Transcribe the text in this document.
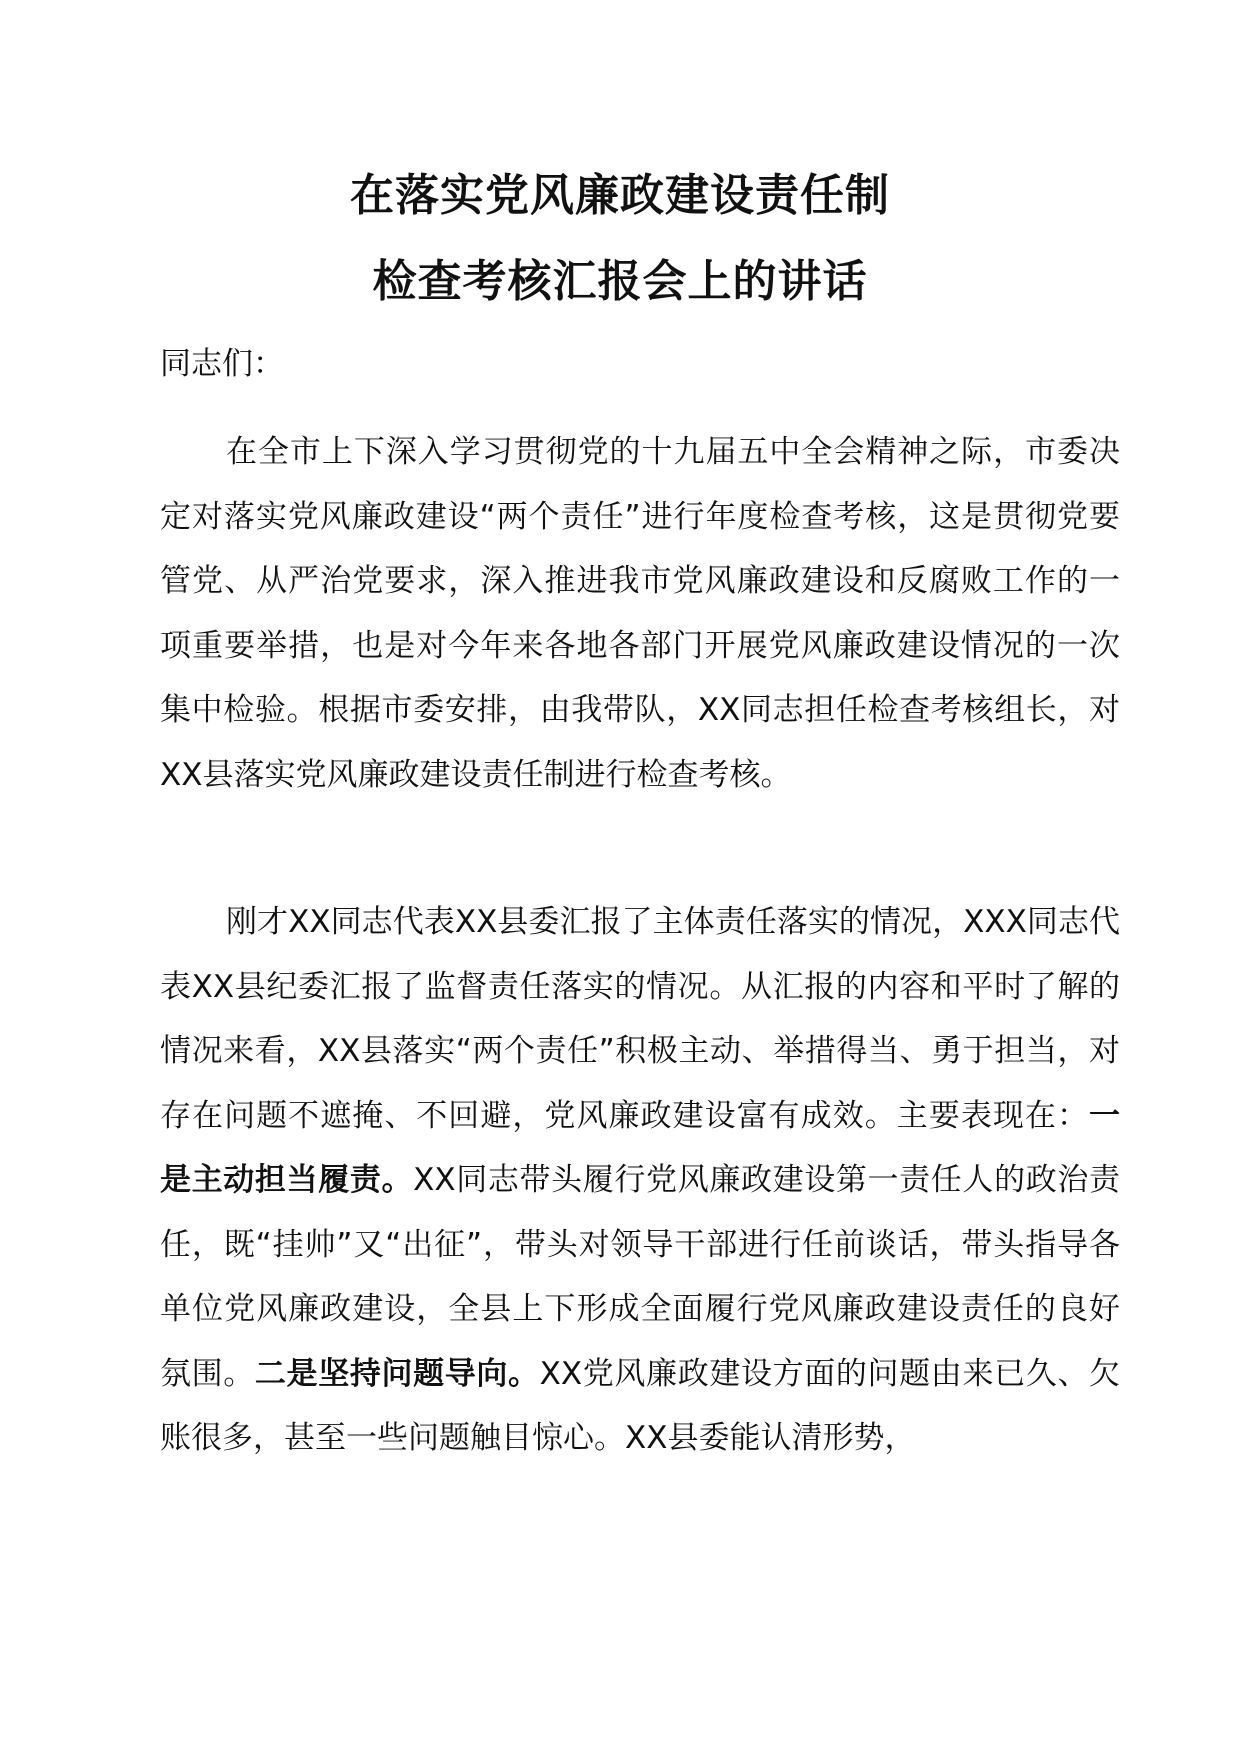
在落实党风廉政建设责任制
检查考核汇报会上的讲话

同志们：

在全市上下深入学习贯彻党的十九届五中全会精神之际，市委决定对落实党风廉政建设“两个责任”进行年度检查考核，这是贯彻党要管党、从严治党要求，深入推进我市党风廉政建设和反腐败工作的一项重要举措，也是对今年来各地各部门开展党风廉政建设情况的一次集中检验。根据市委安排，由我带队，XX同志担任检查考核组长，对XX县落实党风廉政建设责任制进行检查考核。

刚才XX同志代表XX县委汇报了主体责任落实的情况，XXX同志代表XX县纪委汇报了监督责任落实的情况。从汇报的内容和平时了解的情况来看，XX县落实“两个责任”积极主动、举措得当、勇于担当，对存在问题不遮掩、不回避，党风廉政建设富有成效。主要表现在：一是主动担当履责。XX同志带头履行党风廉政建设第一责任人的政治责任，既“挂帅”又“出征”，带头对领导干部进行任前谈话，带头指导各单位党风廉政建设，全县上下形成全面履行党风廉政建设责任的良好氛围。二是坚持问题导向。XX党风廉政建设方面的问题由来已久、欠账很多，甚至一些问题触目惊心。XX县委能认清形势，
